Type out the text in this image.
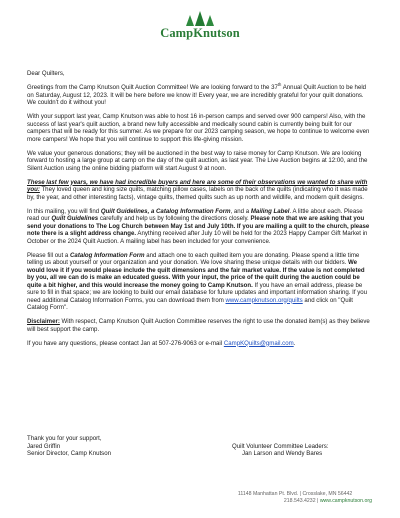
CampKnutson

Dear Quilters,

Greetings from the Camp Knutson Quilt Auction Committee! We are looking forward to the 37th Annual Quilt Auction to be held on Saturday, August 12, 2023. It will be here before we know it! Every year, we are incredibly grateful for your quilt donations. We couldn't do it without you!

With your support last year, Camp Knutson was able to host 16 in-person camps and served over 900 campers! Also, with the success of last year's quilt auction, a brand new fully accessible and medically sound cabin is currently being built for our campers that will be ready for this summer. As we prepare for our 2023 camping season, we hope to continue to welcome even more campers! We hope that you will continue to support this life-giving mission.

We value your generous donations; they will be auctioned in the best way to raise money for Camp Knutson. We are looking forward to hosting a large group at camp on the day of the quilt auction, as last year. The Live Auction begins at 12:00, and the Silent Auction using the online bidding platform will start August 9 at noon.

These last few years, we have had incredible buyers and here are some of their observations we wanted to share with you: They loved queen and king size quilts, matching pillow cases, labels on the back of the quilts (indicating who it was made by, the year, and other interesting facts), vintage quilts, themed quilts such as up north and wildlife, and modern quilt designs.

In this mailing, you will find Quilt Guidelines, a Catalog Information Form, and a Mailing Label. A little about each. Please read our Quilt Guidelines carefully and help us by following the directions closely. Please note that we are asking that you send your donations to The Log Church between May 1st and July 10th. If you are mailing a quilt to the church, please note there is a slight address change. Anything received after July 10 will be held for the 2023 Happy Camper Gift Market in October or the 2024 Quilt Auction. A mailing label has been included for your convenience.

Please fill out a Catalog Information Form and attach one to each quilted item you are donating. Please spend a little time telling us about yourself or your organization and your donation. We love sharing these unique details with our bidders. We would love it if you would please include the quilt dimensions and the fair market value. If the value is not completed by you, all we can do is make an educated guess. With your input, the price of the quilt during the auction could be quite a bit higher, and this would increase the money going to Camp Knutson. If you have an email address, please be sure to fill in that space; we are looking to build our email database for future updates and important information sharing. If you need additional Catalog Information Forms, you can download them from www.campknutson.org/quilts and click on "Quilt Catalog Form".

Disclaimer: With respect, Camp Knutson Quilt Auction Committee reserves the right to use the donated item(s) as they believe will best support the camp.

If you have any questions, please contact Jan at 507-276-9063 or e-mail CampKQuilts@gmail.com.

Thank you for your support,
Jared Griffin
Senior Director, Camp Knutson
Quilt Volunteer Committee Leaders:
Jan Larson and Wendy Bares
11148 Manhattan Pt. Blvd. | Crosslake, MN 56442
218.543.4232 | www.campknutson.org
